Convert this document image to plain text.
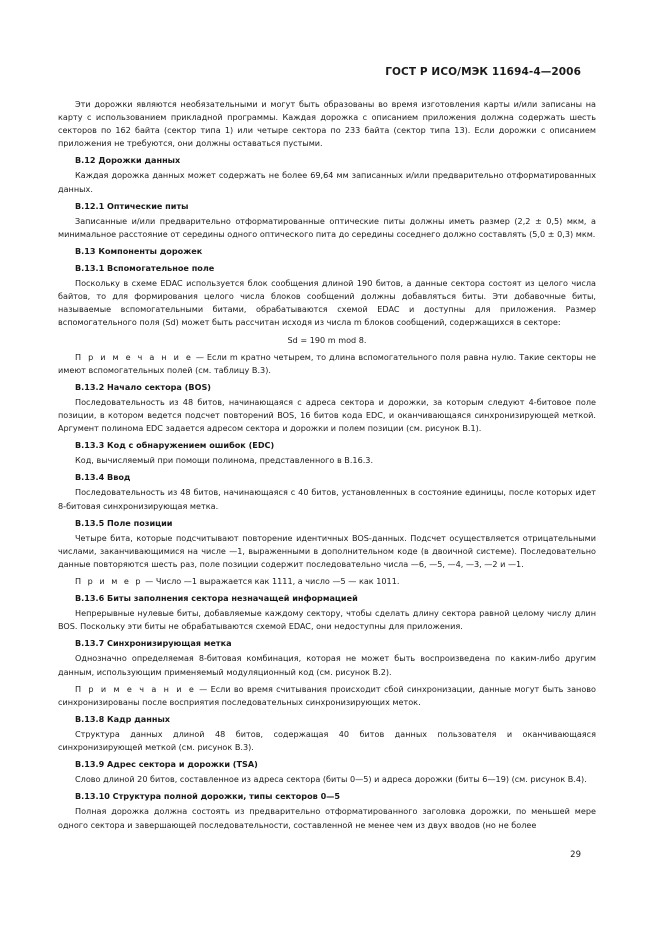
ГОСТ Р ИСО/МЭК 11694-4—2006

Эти дорожки являются необязательными и могут быть образованы во время изготовления карты и/или записаны на карту с использованием прикладной программы. Каждая дорожка с описанием приложения должна содержать шесть секторов по 162 байта (сектор типа 1) или четыре сектора по 233 байта (сектор типа 13). Если дорожки с описанием приложения не требуются, они должны оставаться пустыми.

В.12 Дорожки данных

Каждая дорожка данных может содержать не более 69,64 мм записанных и/или предварительно отформатированных данных.

В.12.1 Оптические питы

Записанные и/или предварительно отформатированные оптические питы должны иметь размер (2,2 ± 0,5) мкм, а минимальное расстояние от середины одного оптического пита до середины соседнего должно составлять (5,0 ± 0,3) мкм.

В.13 Компоненты дорожек
В.13.1 Вспомогательное поле

Поскольку в схеме EDAC используется блок сообщения длиной 190 битов, а данные сектора состоят из целого числа байтов, то для формирования целого числа блоков сообщений должны добавляться биты. Эти добавочные биты, называемые вспомогательными битами, обрабатываются схемой EDAC и доступны для приложения. Размер вспомогательного поля (Sd) может быть рассчитан исходя из числа m блоков сообщений, содержащихся в секторе:

Sd = 190 m mod 8.

П р и м е ч а н и е — Если m кратно четырем, то длина вспомогательного поля равна нулю. Такие секторы не имеют вспомогательных полей (см. таблицу В.3).

В.13.2 Начало сектора (BOS)

Последовательность из 48 битов, начинающаяся с адреса сектора и дорожки, за которым следуют 4-битовое поле позиции, в котором ведется подсчет повторений BOS, 16 битов кода EDC, и оканчивающаяся синхронизирующей меткой. Аргумент полинома EDC задается адресом сектора и дорожки и полем позиции (см. рисунок В.1).

В.13.3 Код с обнаружением ошибок (EDC)

Код, вычисляемый при помощи полинома, представленного в В.16.3.

В.13.4 Ввод

Последовательность из 48 битов, начинающаяся с 40 битов, установленных в состояние единицы, после которых идет 8-битовая синхронизирующая метка.

В.13.5 Поле позиции

Четыре бита, которые подсчитывают повторение идентичных BOS-данных. Подсчет осуществляется отрицательными числами, заканчивающимися на числе —1, выраженными в дополнительном коде (в двоичной системе). Последовательно данные повторяются шесть раз, поле позиции содержит последовательно числа —6, —5, —4, —3, —2 и —1.

П р и м е р — Число —1 выражается как 1111, а число —5 — как 1011.

В.13.6 Биты заполнения сектора незначащей информацией

Непрерывные нулевые биты, добавляемые каждому сектору, чтобы сделать длину сектора равной целому числу длин BOS. Поскольку эти биты не обрабатываются схемой EDAC, они недоступны для приложения.

В.13.7 Синхронизирующая метка

Однозначно определяемая 8-битовая комбинация, которая не может быть воспроизведена по каким-либо другим данным, использующим применяемый модуляционный код (см. рисунок В.2).

П р и м е ч а н и е — Если во время считывания происходит сбой синхронизации, данные могут быть заново синхронизированы после восприятия последовательных синхронизирующих меток.

В.13.8 Кадр данных

Структура данных длиной 48 битов, содержащая 40 битов данных пользователя и оканчивающаяся синхронизирующей меткой (см. рисунок В.3).

В.13.9 Адрес сектора и дорожки (TSA)

Слово длиной 20 битов, составленное из адреса сектора (биты 0—5) и адреса дорожки (биты 6—19) (см. рисунок В.4).

В.13.10 Структура полной дорожки, типы секторов 0—5

Полная дорожка должна состоять из предварительно отформатированного заголовка дорожки, по меньшей мере одного сектора и завершающей последовательности, составленной не менее чем из двух вводов (но не более

29
